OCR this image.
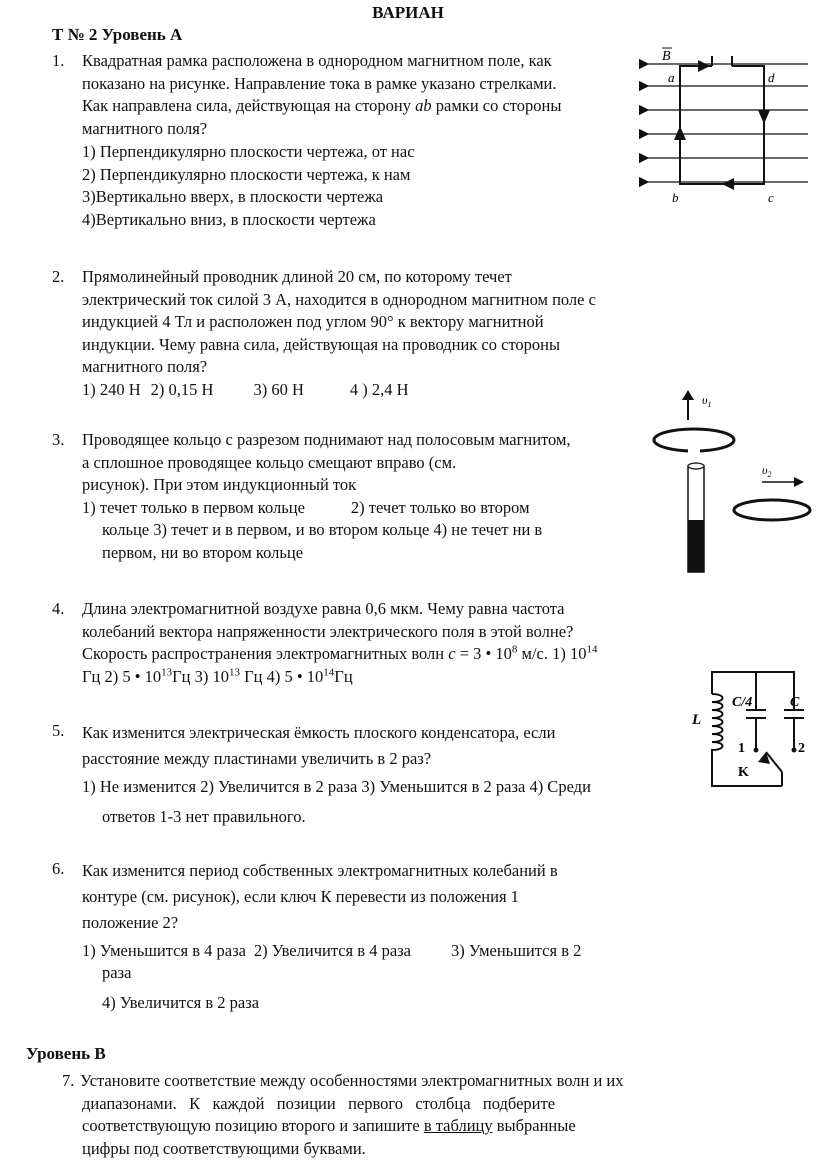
ВАРИАН
Т № 2 Уровень А
1. Квадратная рамка расположена в однородном магнитном поле, как
показано на рисунке. Направление тока в рамке указано стрелками.
Как направлена сила, действующая на сторону ab рамки со стороны
магнитного поля?
1) Перпендикулярно плоскости чертежа, от нас
2) Перпендикулярно плоскости чертежа, к нам
3)Вертикально вверх, в плоскости чертежа
4)Вертикально вниз, в плоскости чертежа
B
a	d
b	c
2. Прямолинейный проводник длиной 20 см, по которому течет
электрический ток силой 3 А, находится в однородном магнитном поле с
индукцией 4 Тл и расположен под углом 90° к вектору магнитной
индукции. Чему равна сила, действующая на проводник со стороны
магнитного поля?
1) 240 Н 2) 0,15 Н 3) 60 Н	4 ) 2,4 Н
3. Проводящее кольцо с разрезом поднимают над полосовым магнитом,
а сплошное проводящее кольцо смещают вправо (см.
рисунок). При этом индукционный ток
1) течет только в первом кольце	2) течет только во втором
кольце 3) течет и в первом, и во втором кольце 4) не течет ни в
первом, ни во втором кольце
$\upsilon_1$
$\upsilon_2$
4. Длина электромагнитной воздухе равна 0,6 мкм. Чему равна частота
колебаний вектора напряженности электрического поля в этой волне?
Скорость распространения электромагнитных волн c = 3 • $10^8$ м/с. 1) $10^{14}$
Гц 2) 5 • $10^{13}Гц$ 3) $10^{13}$ Гц 4) 5 • $10^{14}Гц$
L
C/4	C
1	2
K
5. Как изменится электрическая ёмкость плоского конденсатора, если
расстояние между пластинами увеличить в 2 раз?
1) Не изменится 2) Увеличится в 2 раза 3) Уменьшится в 2 раза 4) Среди
ответов 1-3 нет правильного.
6. Как изменится период собственных электромагнитных колебаний в
контуре (см. рисунок), если ключ К перевести из положения 1
положение 2?
1) Уменьшится в 4 раза 2) Увеличится в 4 раза 3) Уменьшится в 2
раза
4) Увеличится в 2 раза
Уровень В
7. Установите соответствие между особенностями электромагнитных волн и их
диапазонами.   К   каждой   позиции   первого   столбца   подберите
соответствующую позицию второго и запишите в таблицу выбранные
цифры под соответствующими буквами.
